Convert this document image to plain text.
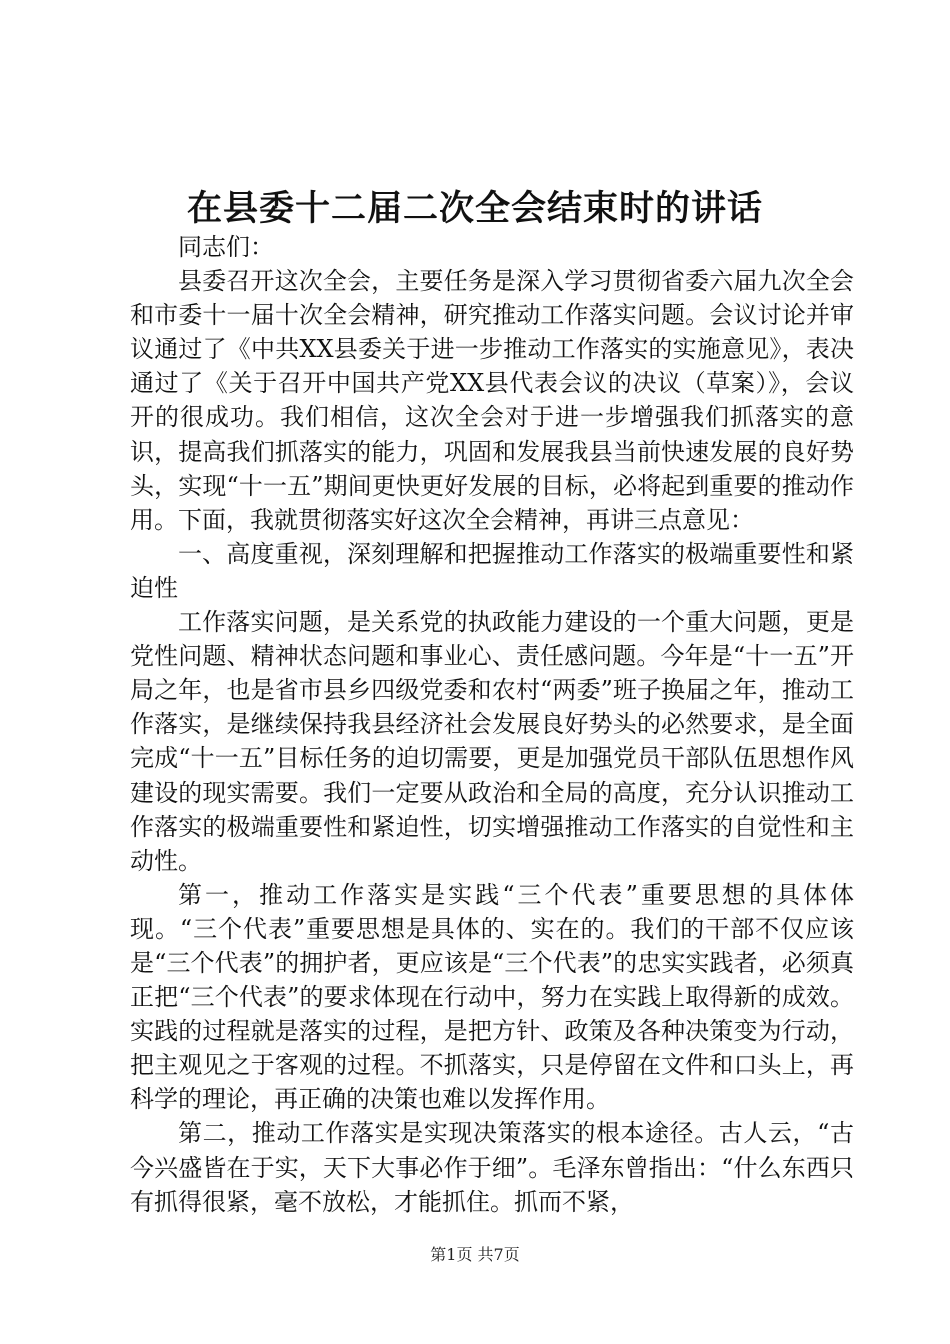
在县委十二届二次全会结束时的讲话

同志们：

县委召开这次全会，主要任务是深入学习贯彻省委六届九次全会和市委十一届十次全会精神，研究推动工作落实问题。会议讨论并审议通过了《中共XX县委关于进一步推动工作落实的实施意见》，表决通过了《关于召开中国共产党XX县代表会议的决议（草案）》，会议开的很成功。我们相信，这次全会对于进一步增强我们抓落实的意识，提高我们抓落实的能力，巩固和发展我县当前快速发展的良好势头，实现“十一五”期间更快更好发展的目标，必将起到重要的推动作用。下面，我就贯彻落实好这次全会精神，再讲三点意见：

一、高度重视，深刻理解和把握推动工作落实的极端重要性和紧迫性

工作落实问题，是关系党的执政能力建设的一个重大问题，更是党性问题、精神状态问题和事业心、责任感问题。今年是“十一五”开局之年，也是省市县乡四级党委和农村“两委”班子换届之年，推动工作落实，是继续保持我县经济社会发展良好势头的必然要求，是全面完成“十一五”目标任务的迫切需要，更是加强党员干部队伍思想作风建设的现实需要。我们一定要从政治和全局的高度，充分认识推动工作落实的极端重要性和紧迫性，切实增强推动工作落实的自觉性和主动性。

第一，推动工作落实是实践“三个代表”重要思想的具体体现。“三个代表”重要思想是具体的、实在的。我们的干部不仅应该是“三个代表”的拥护者，更应该是“三个代表”的忠实实践者，必须真正把“三个代表”的要求体现在行动中，努力在实践上取得新的成效。实践的过程就是落实的过程，是把方针、政策及各种决策变为行动，把主观见之于客观的过程。不抓落实，只是停留在文件和口头上，再科学的理论，再正确的决策也难以发挥作用。

第二，推动工作落实是实现决策落实的根本途径。古人云，“古今兴盛皆在于实，天下大事必作于细”。毛泽东曾指出：“什么东西只有抓得很紧，毫不放松，才能抓住。抓而不紧，

第1页 共7页
